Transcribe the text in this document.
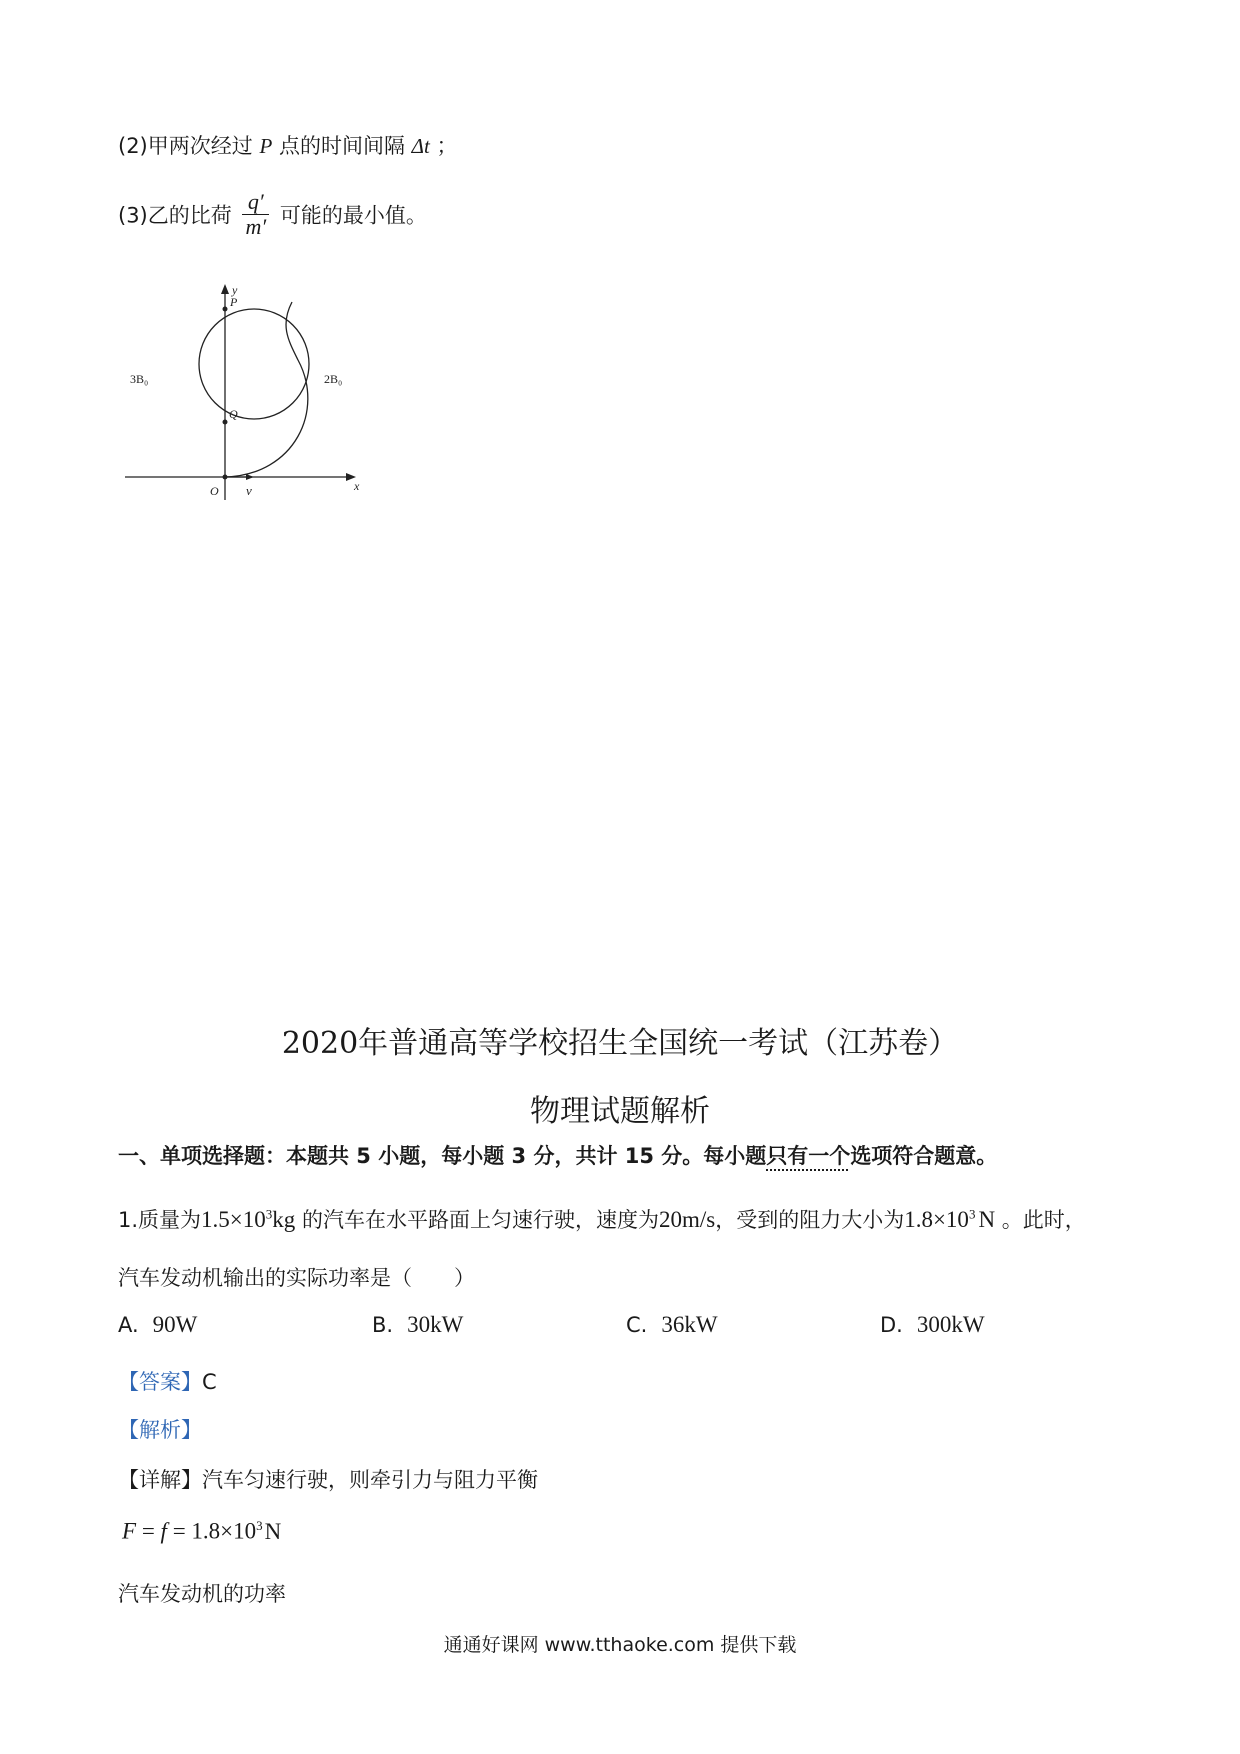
(2)甲两次经过 P 点的时间间隔 Δt ；
(3)乙的比荷 $\frac{q'}{m'}$ 可能的最小值。
y
P
Q
O v	x
3B₀	2B₀
2020年普通高等学校招生全国统一考试（江苏卷）
物理试题解析
一、单项选择题：本题共 5 小题，每小题 3 分，共计 15 分。每小题只有一个选项符合题意。
1.质量为$1.5\times 10^3kg$ 的汽车在水平路面上匀速行驶，速度为20m/s，受到的阻力大小为$1.8\times 10^3$ N 。此时，
汽车发动机输出的实际功率是（　　）
A. 90W	B. 30kW	C. 36kW	D. 300kW
【答案】C
【解析】
【详解】汽车匀速行驶，则牵引力与阻力平衡
$F = f = 1.8\times 10^3N$
汽车发动机的功率
通通好课网 www.tthaoke.com 提供下载
